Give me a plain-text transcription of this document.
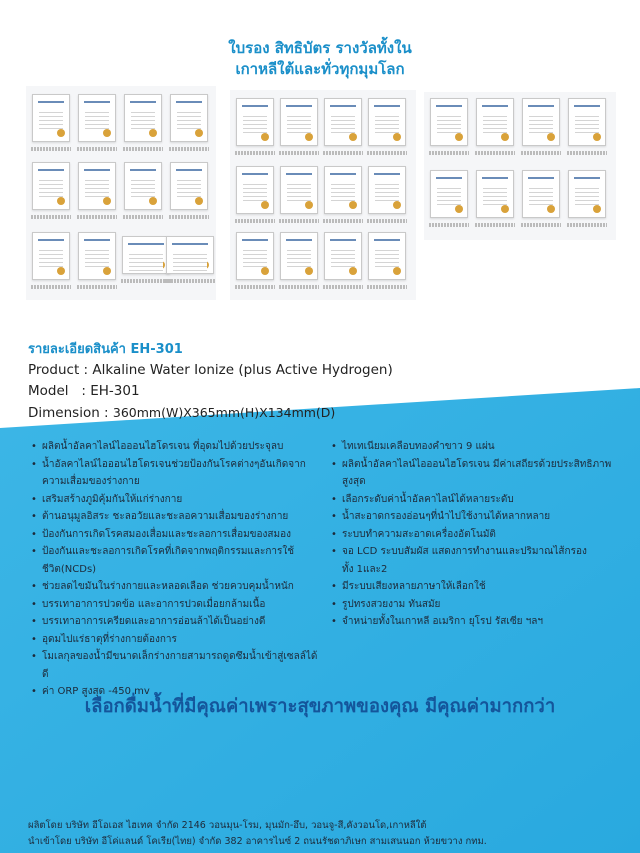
ใบรอง สิทธิบัตร รางวัลทั้งใน
เกาหลีใต้และทั่วทุกมุมโลก
รายละเอียดสินค้า EH-301
Product : Alkaline Water Ionize (plus Active Hydrogen)
Model   : EH-301
Dimension : 360mm(W)X365mm(H)X134mm(D)
• ผลิตน้ำอัลคาไลน์ไอออนไฮโดรเจน ที่อุดมไปด้วยประจุลบ
• น้ำอัลคาไลน์ไอออนไฮโดรเจนช่วยป้องกันโรคต่างๆอันเกิดจาก
ความเสื่อมของร่างกาย
• เสริมสร้างภูมิคุ้มกันให้แก่ร่างกาย
• ต้านอนุมูลอิสระ ชะลอวัยและชะลอความเสื่อมของร่างกาย
• ป้องกันการเกิดโรคสมองเสื่อมและชะลอการเสื่อมของสมอง
• ป้องกันและชะลอการเกิดโรคที่เกิดจากพฤติกรรมและการใช้
ชีวิต(NCDs)
• ช่วยลดไขมันในร่างกายและหลอดเลือด ช่วยควบคุมน้ำหนัก
• บรรเทาอาการปวดข้อ และอาการปวดเมื่อยกล้ามเนื้อ
• บรรเทาอาการเครียดและอาการอ่อนล้าได้เป็นอย่างดี
• อุดมไปแร่ธาตุที่ร่างกายต้องการ
• โมเลกุลของน้ำมีขนาดเล็กร่างกายสามารถดูดซึมน้ำเข้าสู่เซลล์ได้ดี
• ค่า ORP สูงสุด -450 mv
• ไทเทเนียมเคลือบทองคำขาว 9 แผ่น
• ผลิตน้ำอัลคาไลน์ไอออนไฮโดรเจน มีค่าเสถียรด้วยประสิทธิภาพ
สูงสุด
• เลือกระดับค่าน้ำอัลคาไลน์ได้หลายระดับ
• น้ำสะอาดกรองอ่อนๆที่นำไปใช้งานได้หลากหลาย
• ระบบทำความสะอาดเครื่องอัตโนมัติ
• จอ LCD ระบบสัมผัส แสดงการทำงานและปริมาณไส้กรอง
ทั้ง 1และ2
• มีระบบเสียงหลายภาษาให้เลือกใช้
• รูปทรงสวยงาม ทันสมัย
• จำหน่ายทั้งในเกาหลี อเมริกา ยุโรป รัสเซีย ฯลฯ
เลือกดื่มน้ำที่มีคุณค่าเพราะสุขภาพของคุณ มีคุณค่ามากกว่า
ผลิตโดย บริษัท อีโอเอส ไฮเทค จำกัด 2146 วอนมุน-โรม, มุนมัก-อึบ, วอนจู-สี,คังวอนโด,เกาหลีใต้
นำเข้าโดย บริษัท อีโค่แลนด์ โคเรีย(ไทย) จำกัด 382 อาคารไนซ์ 2 ถนนรัชดาภิเษก สามเสนนอก ห้วยขวาง กทม.
